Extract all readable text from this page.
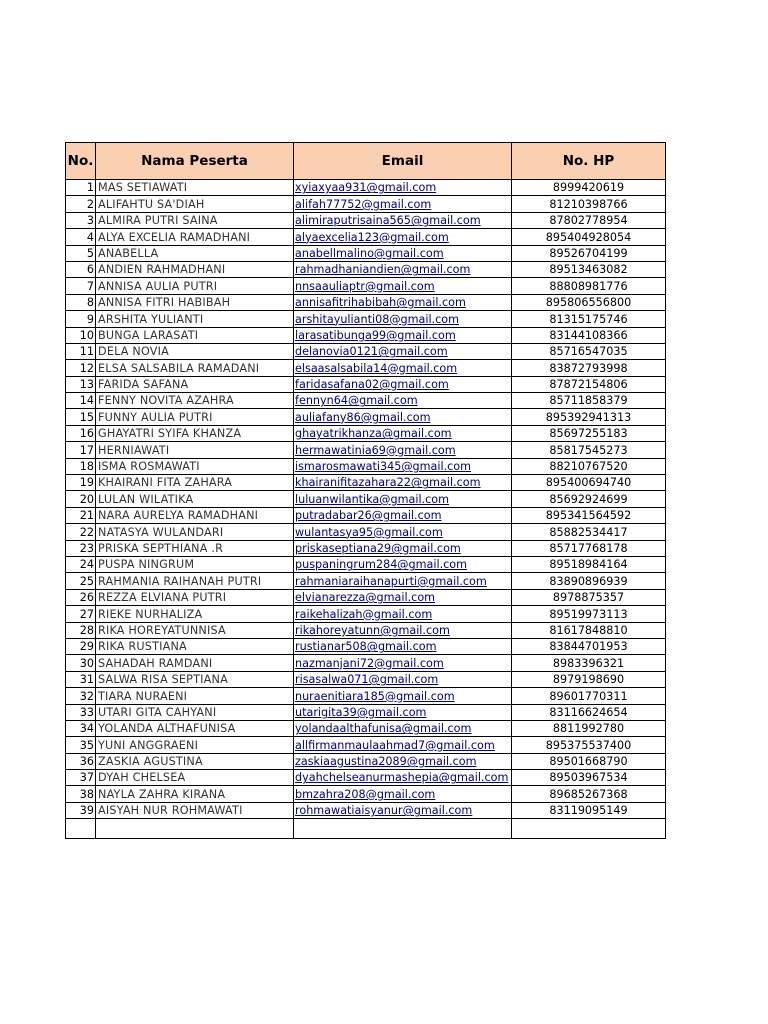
No.	Nama Peserta	Email	No. HP
1	MAS SETIAWATI	xyiaxyaa931@gmail.com	8999420619
2	ALIFAHTU SA'DIAH	alifah77752@gmail.com	81210398766
3	ALMIRA PUTRI SAINA	alimiraputrisaina565@gmail.com	87802778954
4	ALYA EXCELIA RAMADHANI	alyaexcelia123@gmail.com	895404928054
5	ANABELLA	anabellmalino@gmail.com	89526704199
6	ANDIEN RAHMADHANI	rahmadhaniandien@gmail.com	89513463082
7	ANNISA AULIA PUTRI	nnsaauliaptr@gmail.com	88808981776
8	ANNISA FITRI HABIBAH	annisafitrihabibah@gmail.com	895806556800
9	ARSHITA YULIANTI	arshitayulianti08@gmail.com	81315175746
10	BUNGA LARASATI	larasatibunga99@gmail.com	83144108366
11	DELA NOVIA	delanovia0121@gmail.com	85716547035
12	ELSA SALSABILA RAMADANI	elsaasalsabila14@gmail.com	83872793998
13	FARIDA SAFANA	faridasafana02@gmail.com	87872154806
14	FENNY NOVITA AZAHRA	fennyn64@gmail.com	85711858379
15	FUNNY AULIA PUTRI	auliafany86@gmail.com	895392941313
16	GHAYATRI SYIFA KHANZA	ghayatrikhanza@gmail.com	85697255183
17	HERNIAWATI	hermawatinia69@gmail.com	85817545273
18	ISMA ROSMAWATI	ismarosmawati345@gmail.com	88210767520
19	KHAIRANI FITA ZAHARA	khairanifitazahara22@gmail.com	895400694740
20	LULAN WILATIKA	luluanwilantika@gmail.com	85692924699
21	NARA AURELYA RAMADHANI	putradabar26@gmail.com	895341564592
22	NATASYA WULANDARI	wulantasya95@gmail.com	85882534417
23	PRISKA SEPTHIANA .R	priskaseptiana29@gmail.com	85717768178
24	PUSPA NINGRUM	puspaningrum284@gmail.com	89518984164
25	RAHMANIA RAIHANAH PUTRI	rahmaniaraihanapurti@gmail.com	83890896939
26	REZZA ELVIANA PUTRI	elvianarezza@gmail.com	8978875357
27	RIEKE NURHALIZA	raikehalizah@gmail.com	89519973113
28	RIKA HOREYATUNNISA	rikahoreyatunn@gmail.com	81617848810
29	RIKA RUSTIANA	rustianar508@gmail.com	83844701953
30	SAHADAH RAMDANI	nazmanjani72@gmail.com	8983396321
31	SALWA RISA SEPTIANA	risasalwa071@gmail.com	8979198690
32	TIARA NURAENI	nuraenitiara185@gmail.com	89601770311
33	UTARI GITA CAHYANI	utarigita39@gmail.com	83116624654
34	YOLANDA ALTHAFUNISA	yolandaalthafunisa@gmail.com	8811992780
35	YUNI ANGGRAENI	allfirmanmaulaahmad7@gmail.com	895375537400
36	ZASKIA AGUSTINA	zaskiaagustina2089@gmail.com	89501668790
37	DYAH CHELSEA	dyahchelseanurmashepia@gmail.com	89503967534
38	NAYLA ZAHRA KIRANA	bmzahra208@gmail.com	89685267368
39	AISYAH NUR ROHMAWATI	rohmawatiaisyanur@gmail.com	83119095149
